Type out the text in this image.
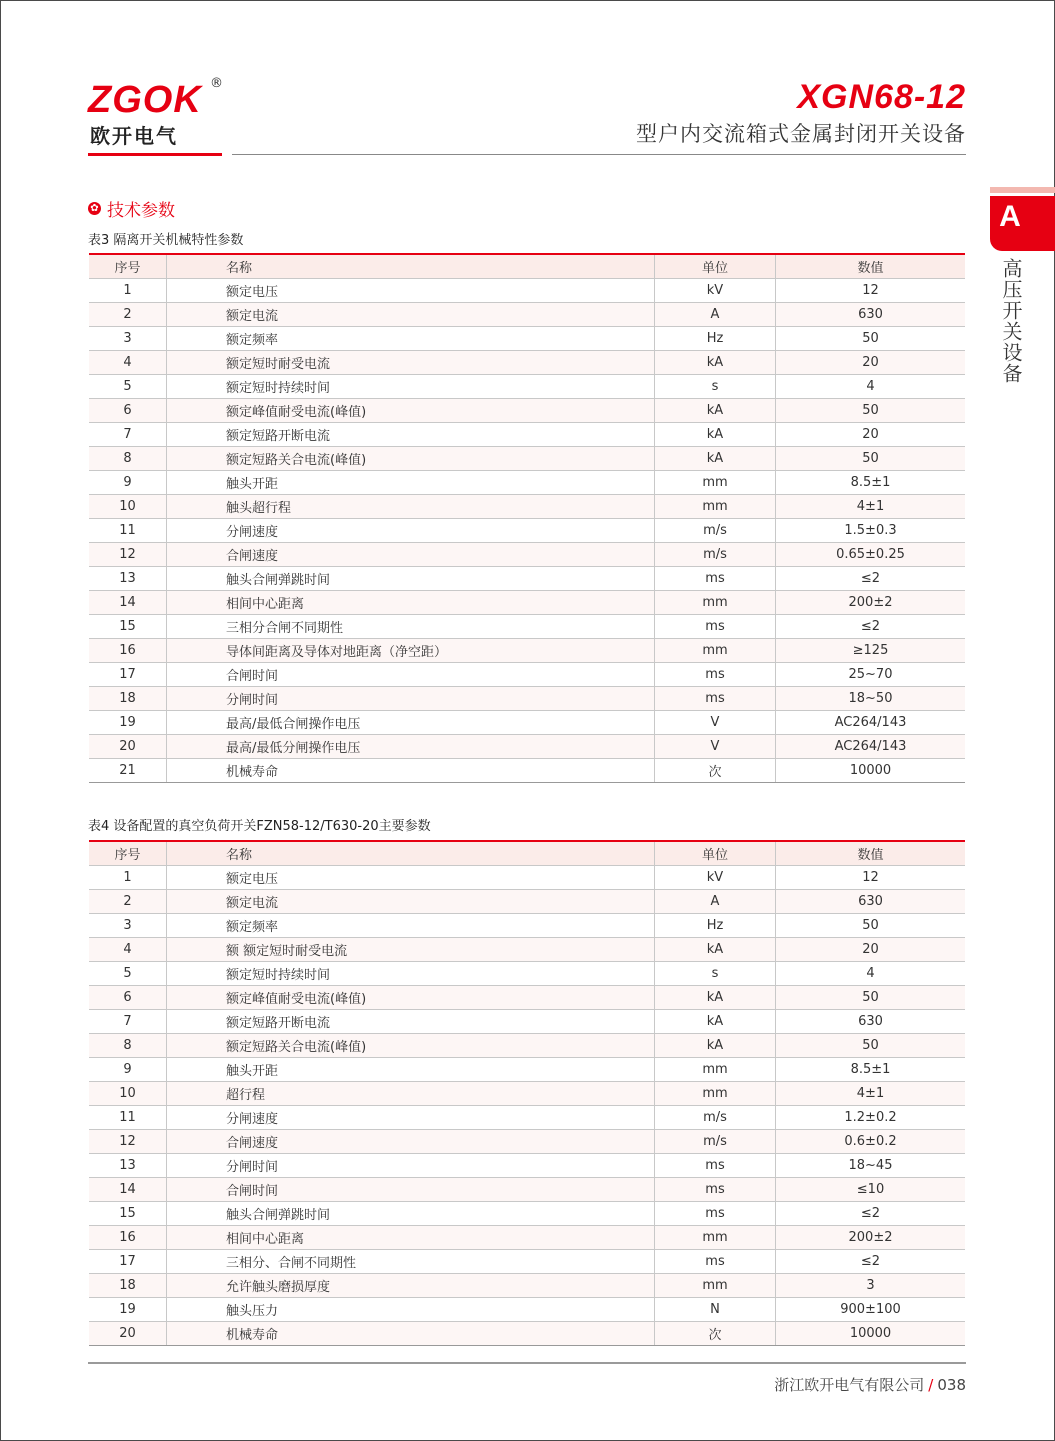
ZGOK ®
欧开电气
XGN68-12
型户内交流箱式金属封闭开关设备
A
高压开关设备
✿ 技术参数
表3 隔离开关机械特性参数
序号	名称	单位	数值
1	额定电压	kV	12
2	额定电流	A	630
3	额定频率	Hz	50
4	额定短时耐受电流	kA	20
5	额定短时持续时间	s	4
6	额定峰值耐受电流(峰值)	kA	50
7	额定短路开断电流	kA	20
8	额定短路关合电流(峰值)	kA	50
9	触头开距	mm	8.5±1
10	触头超行程	mm	4±1
11	分闸速度	m/s	1.5±0.3
12	合闸速度	m/s	0.65±0.25
13	触头合闸弹跳时间	ms	≤2
14	相间中心距离	mm	200±2
15	三相分合闸不同期性	ms	≤2
16	导体间距离及导体对地距离（净空距）	mm	≥125
17	合闸时间	ms	25~70
18	分闸时间	ms	18~50
19	最高/最低合闸操作电压	V	AC264/143
20	最高/最低分闸操作电压	V	AC264/143
21	机械寿命	次	10000
表4 设备配置的真空负荷开关FZN58-12/T630-20主要参数
序号	名称	单位	数值
1	额定电压	kV	12
2	额定电流	A	630
3	额定频率	Hz	50
4	额 额定短时耐受电流	kA	20
5	额定短时持续时间	s	4
6	额定峰值耐受电流(峰值)	kA	50
7	额定短路开断电流	kA	630
8	额定短路关合电流(峰值)	kA	50
9	触头开距	mm	8.5±1
10	超行程	mm	4±1
11	分闸速度	m/s	1.2±0.2
12	合闸速度	m/s	0.6±0.2
13	分闸时间	ms	18~45
14	合闸时间	ms	≤10
15	触头合闸弹跳时间	ms	≤2
16	相间中心距离	mm	200±2
17	三相分、合闸不同期性	ms	≤2
18	允许触头磨损厚度	mm	3
19	触头压力	N	900±100
20	机械寿命	次	10000
浙江欧开电气有限公司 / 038
